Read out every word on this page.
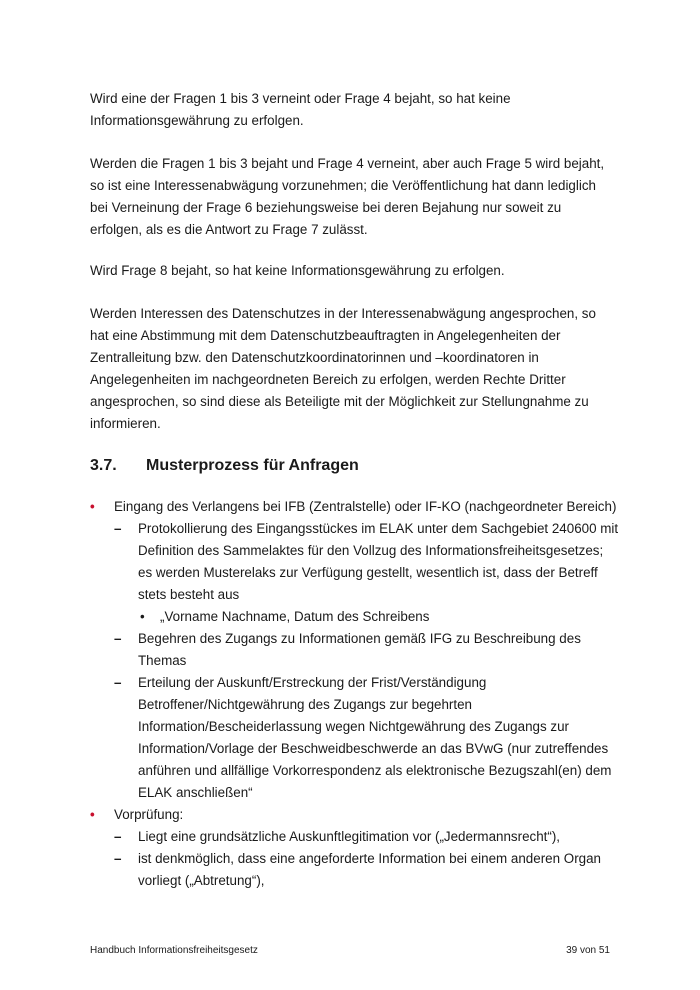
Wird eine der Fragen 1 bis 3 verneint oder Frage 4 bejaht, so hat keine Informationsgewährung zu erfolgen.

Werden die Fragen 1 bis 3 bejaht und Frage 4 verneint, aber auch Frage 5 wird bejaht, so ist eine Interessenabwägung vorzunehmen; die Veröffentlichung hat dann lediglich bei Verneinung der Frage 6 beziehungsweise bei deren Bejahung nur soweit zu erfolgen, als es die Antwort zu Frage 7 zulässt.

Wird Frage 8 bejaht, so hat keine Informationsgewährung zu erfolgen.

Werden Interessen des Datenschutzes in der Interessenabwägung angesprochen, so hat eine Abstimmung mit dem Datenschutzbeauftragten in Angelegenheiten der Zentralleitung bzw. den Datenschutzkoordinatorinnen und –koordinatoren in Angelegenheiten im nachgeordneten Bereich zu erfolgen, werden Rechte Dritter angesprochen, so sind diese als Beteiligte mit der Möglichkeit zur Stellungnahme zu informieren.

3.7. Musterprozess für Anfragen
•	Eingang des Verlangens bei IFB (Zentralstelle) oder IF-KO (nachgeordneter Bereich)
–	Protokollierung des Eingangsstückes im ELAK unter dem Sachgebiet 240600 mit Definition des Sammelaktes für den Vollzug des Informationsfreiheitsgesetzes; es werden Musterelaks zur Verfügung gestellt, wesentlich ist, dass der Betreff stets besteht aus
•	„Vorname Nachname, Datum des Schreibens
–	Begehren des Zugangs zu Informationen gemäß IFG zu Beschreibung des Themas
–	Erteilung der Auskunft/Erstreckung der Frist/Verständigung Betroffener/Nichtgewährung des Zugangs zur begehrten Information/Bescheiderlassung wegen Nichtgewährung des Zugangs zur Information/Vorlage der Beschweidbeschwerde an das BVwG (nur zutreffendes anführen und allfällige Vorkorrespondenz als elektronische Bezugszahl(en) dem ELAK anschließen“
•	Vorprüfung:
–	Liegt eine grundsätzliche Auskunftlegitimation vor („Jedermannsrecht“),
–	ist denkmöglich, dass eine angeforderte Information bei einem anderen Organ vorliegt („Abtretung“),
Handbuch Informationsfreiheitsgesetz	39 von 51
